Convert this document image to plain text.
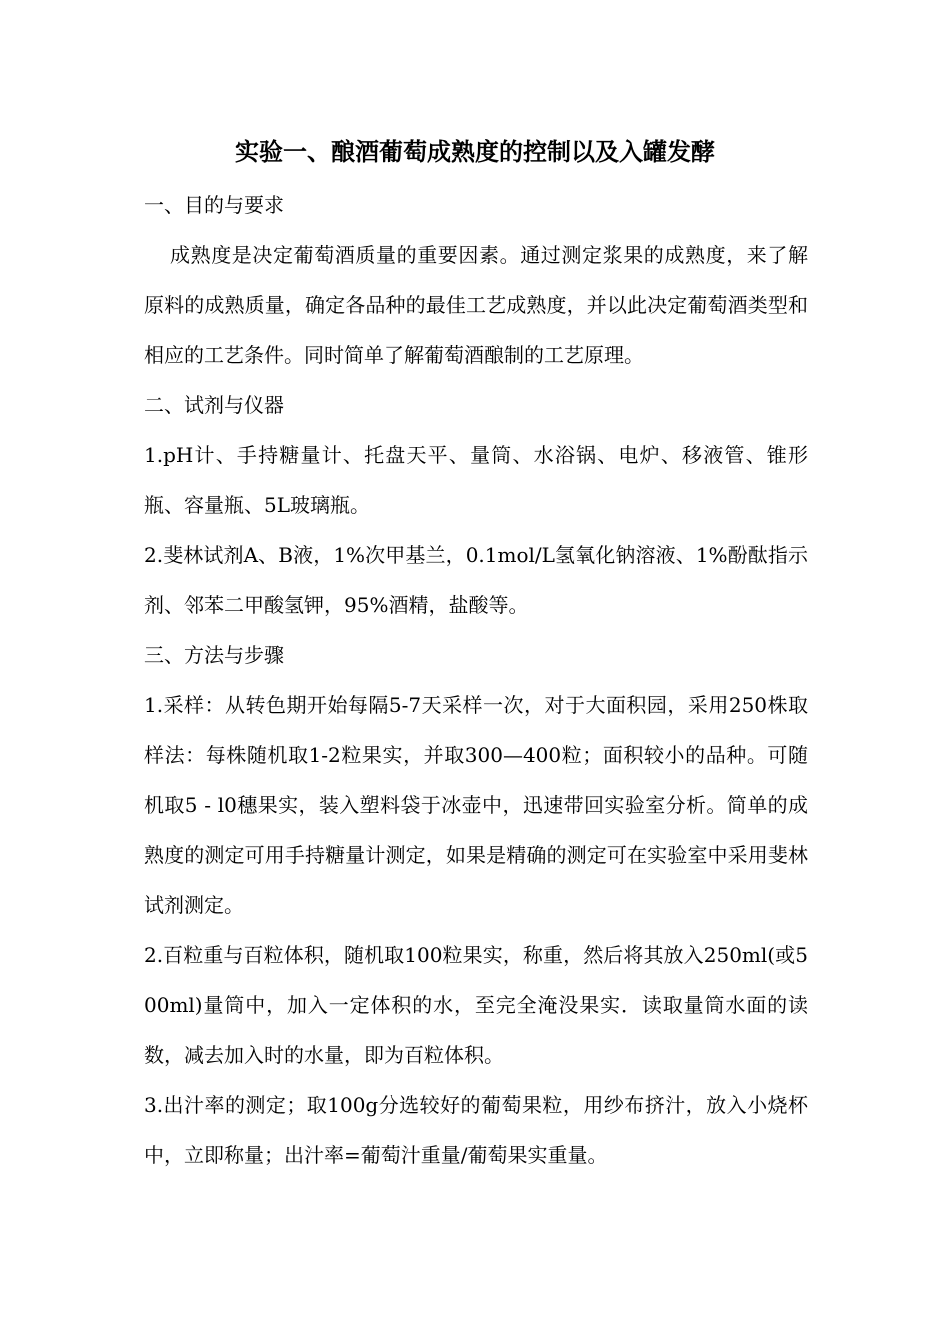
实验一、酿酒葡萄成熟度的控制以及入罐发酵

一、目的与要求

成熟度是决定葡萄酒质量的重要因素。通过测定浆果的成熟度，来了解原料的成熟质量，确定各品种的最佳工艺成熟度，并以此决定葡萄酒类型和相应的工艺条件。同时简单了解葡萄酒酿制的工艺原理。

二、试剂与仪器

1.pH计、手持糖量计、托盘天平、量筒、水浴锅、电炉、移液管、锥形瓶、容量瓶、5L玻璃瓶。

2.斐林试剂A、B液，1%次甲基兰，0.1mol/L氢氧化钠溶液、1%酚酞指示剂、邻苯二甲酸氢钾，95%酒精，盐酸等。

三、方法与步骤

1.采样：从转色期开始每隔5-7天采样一次，对于大面积园，采用250株取样法：每株随机取1-2粒果实，并取300—400粒；面积较小的品种。可随机取5 - l0穗果实，装入塑料袋于冰壶中，迅速带回实验室分析。简单的成熟度的测定可用手持糖量计测定，如果是精确的测定可在实验室中采用斐林试剂测定。

2.百粒重与百粒体积，随机取100粒果实，称重，然后将其放入250ml(或500ml)量筒中，加入一定体积的水，至完全淹没果实．读取量筒水面的读数，减去加入时的水量，即为百粒体积。

3.出汁率的测定；取100g分选较好的葡萄果粒，用纱布挤汁，放入小烧杯中，立即称量；出汁率=葡萄汁重量/葡萄果实重量。
